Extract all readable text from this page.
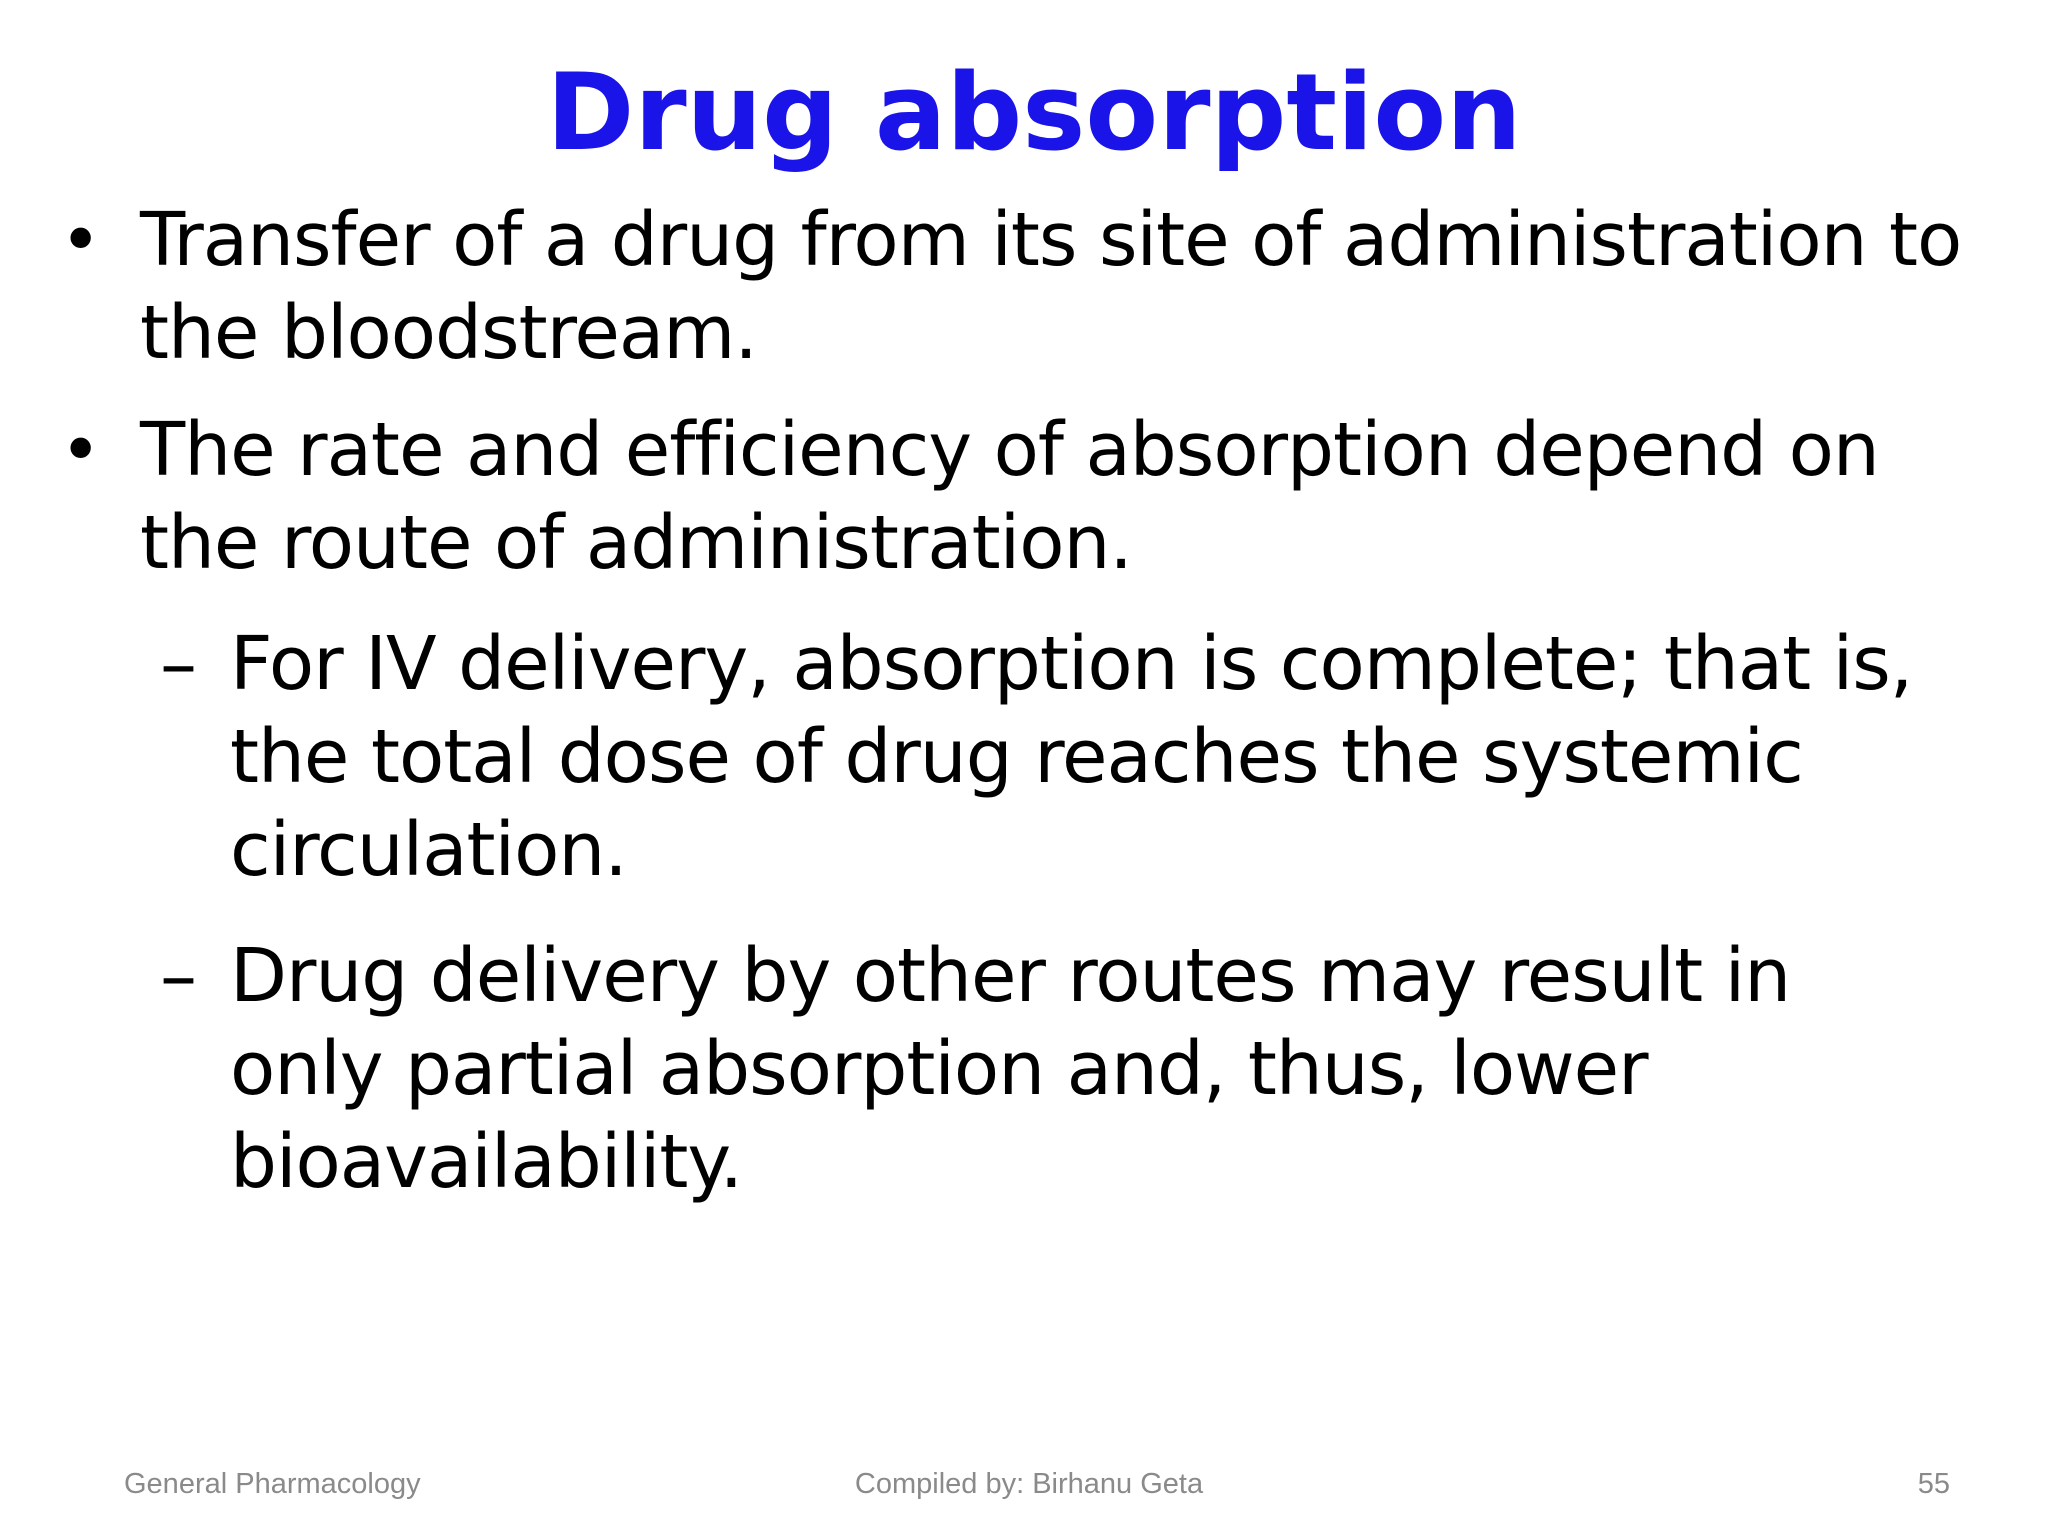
Drug absorption
• Transfer of a drug from its site of administration to the bloodstream.
• The rate and efficiency of absorption depend on the route of administration.
– For IV delivery, absorption is complete; that is, the total dose of drug reaches the systemic circulation.
– Drug delivery by other routes may result in only partial absorption and, thus, lower bioavailability.
General Pharmacology	Compiled by: Birhanu Geta	55
